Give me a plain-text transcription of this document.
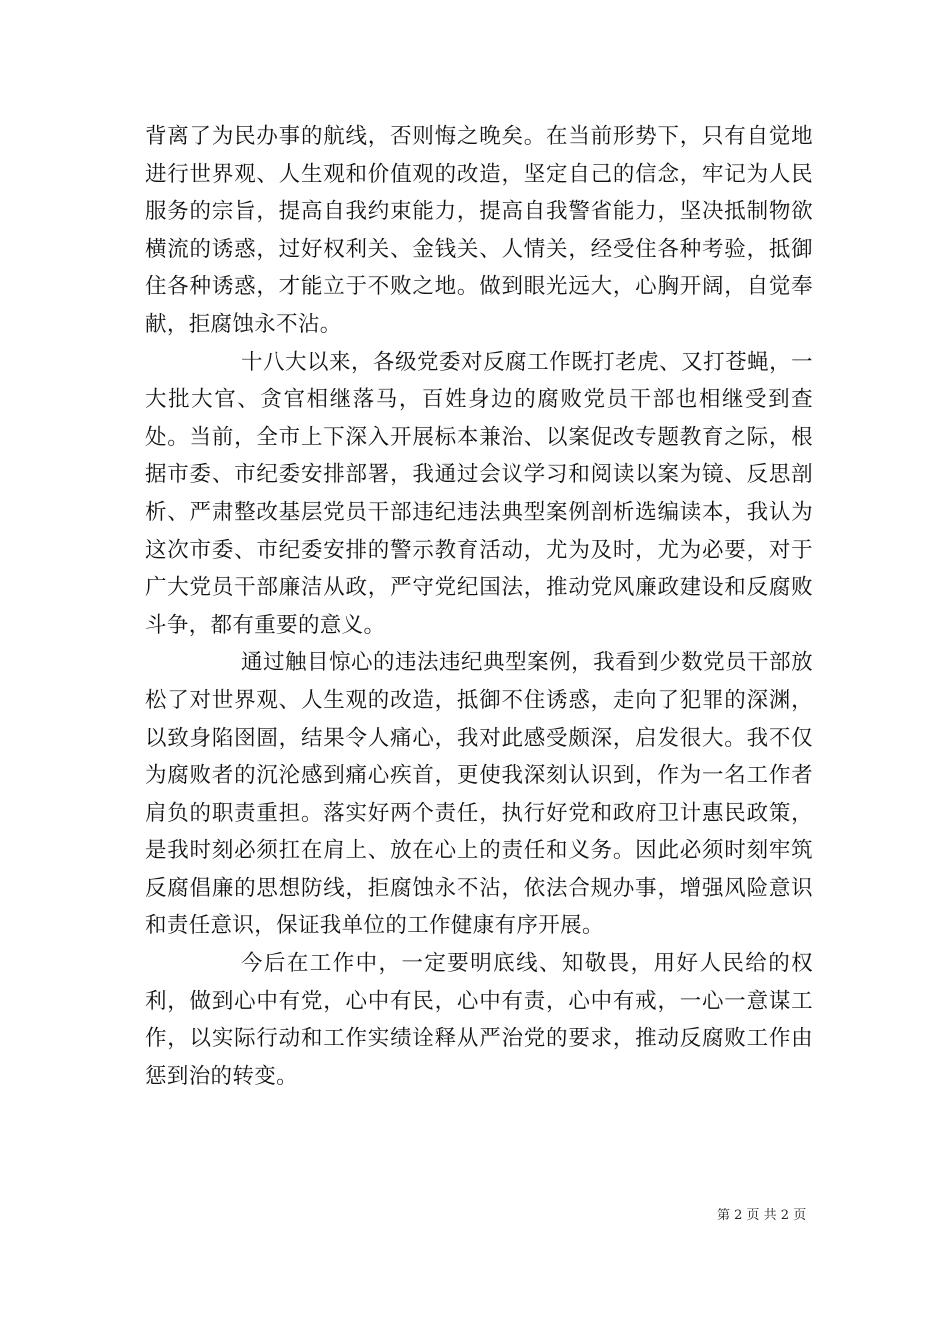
背离了为民办事的航线，否则悔之晚矣。在当前形势下，只有自觉地进行世界观、人生观和价值观的改造，坚定自己的信念，牢记为人民服务的宗旨，提高自我约束能力，提高自我警省能力，坚决抵制物欲横流的诱惑，过好权利关、金钱关、人情关，经受住各种考验，抵御住各种诱惑，才能立于不败之地。做到眼光远大，心胸开阔，自觉奉献，拒腐蚀永不沾。

十八大以来，各级党委对反腐工作既打老虎、又打苍蝇，一大批大官、贪官相继落马，百姓身边的腐败党员干部也相继受到查处。当前，全市上下深入开展标本兼治、以案促改专题教育之际，根据市委、市纪委安排部署，我通过会议学习和阅读以案为镜、反思剖析、严肃整改基层党员干部违纪违法典型案例剖析选编读本，我认为这次市委、市纪委安排的警示教育活动，尤为及时，尤为必要，对于广大党员干部廉洁从政，严守党纪国法，推动党风廉政建设和反腐败斗争，都有重要的意义。

通过触目惊心的违法违纪典型案例，我看到少数党员干部放松了对世界观、人生观的改造，抵御不住诱惑，走向了犯罪的深渊，以致身陷囹圄，结果令人痛心，我对此感受颇深，启发很大。我不仅为腐败者的沉沦感到痛心疾首，更使我深刻认识到，作为一名工作者肩负的职责重担。落实好两个责任，执行好党和政府卫计惠民政策，是我时刻必须扛在肩上、放在心上的责任和义务。因此必须时刻牢筑反腐倡廉的思想防线，拒腐蚀永不沾，依法合规办事，增强风险意识和责任意识，保证我单位的工作健康有序开展。

今后在工作中，一定要明底线、知敬畏，用好人民给的权利，做到心中有党，心中有民，心中有责，心中有戒，一心一意谋工作，以实际行动和工作实绩诠释从严治党的要求，推动反腐败工作由惩到治的转变。

第 2 页 共 2 页
